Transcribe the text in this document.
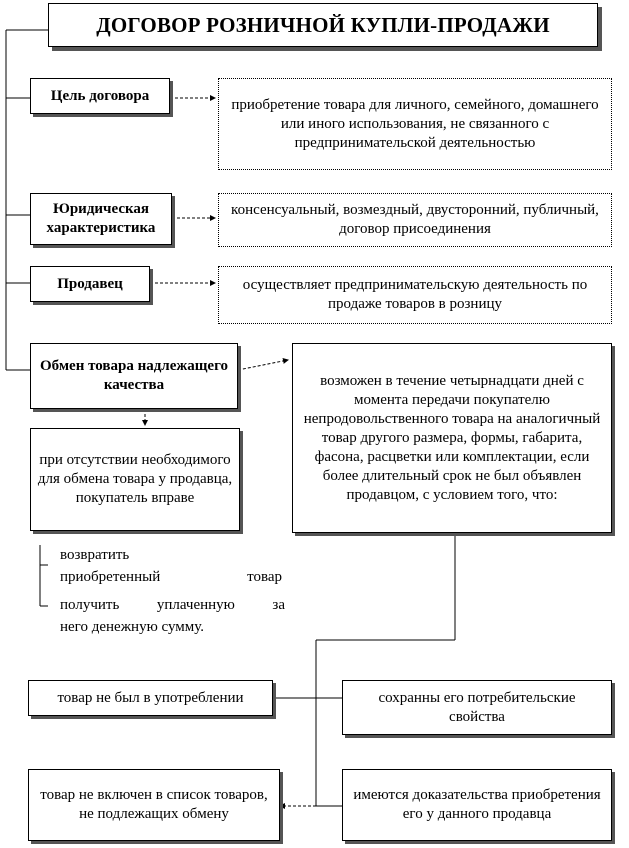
ДОГОВОР РОЗНИЧНОЙ КУПЛИ-ПРОДАЖИ
Цель договора
приобретение товара для личного, семейного, домашнего или иного использования, не связанного с предпринимательской деятельностью
Юридическая характеристика
консенсуальный, возмездный, двусторонний, публичный, договор присоединения
Продавец	осуществляет предпринимательскую деятельность по продаже товаров в розницу
Обмен товара надлежащего качества	возможен в течение четырнадцати дней с момента передачи покупателю непродовольственного товара на аналогичный товар другого размера, формы, габарита, фасона, расцветки или комплектации, если более длительный срок не был объявлен продавцом, с условием того, что:
при отсутствии необходимого для обмена товара у продавца, покупатель вправе
возвратить
приобретенный	товар
получить	уплаченную	за
него денежную сумму.
товар не был в употреблении	сохранны его потребительские свойства
товар не включен в список товаров, не подлежащих обмену
имеются доказательства приобретения его у данного продавца
